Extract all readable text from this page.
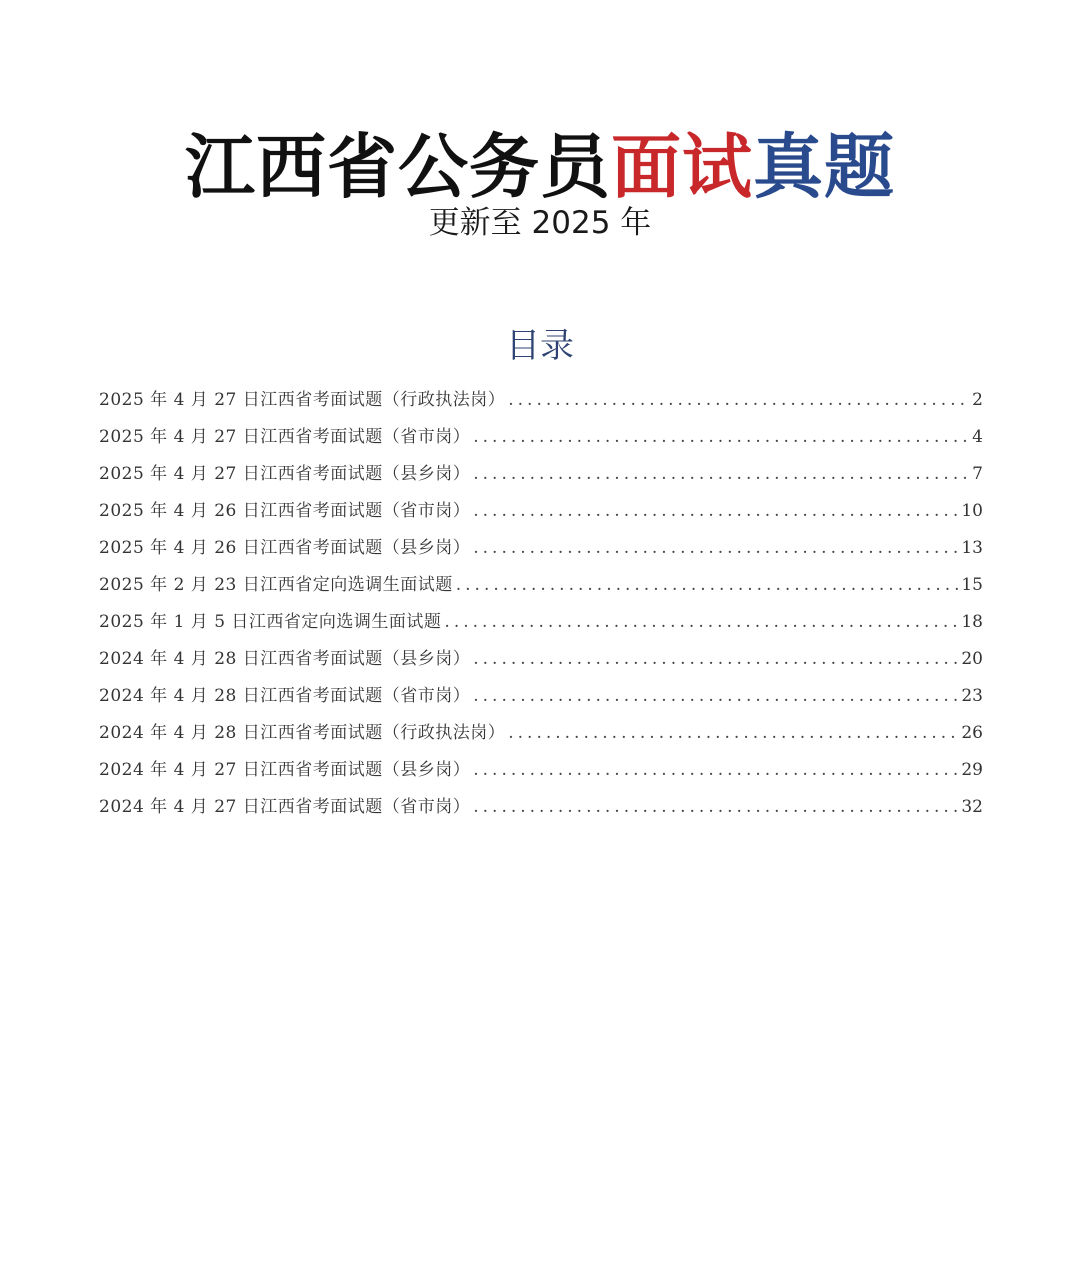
江西省公务员面试真题
更新至 2025 年
目录
2025 年 4 月 27 日江西省考面试题（行政执法岗） .....	2
2025 年 4 月 27 日江西省考面试题（省市岗） .....	4
2025 年 4 月 27 日江西省考面试题（县乡岗） .....	7
2025 年 4 月 26 日江西省考面试题（省市岗） .....	10
2025 年 4 月 26 日江西省考面试题（县乡岗） .....	13
2025 年 2 月 23 日江西省定向选调生面试题 .....	15
2025 年 1 月 5 日江西省定向选调生面试题 .....	18
2024 年 4 月 28 日江西省考面试题（县乡岗） .....	20
2024 年 4 月 28 日江西省考面试题（省市岗） .....	23
2024 年 4 月 28 日江西省考面试题（行政执法岗） .....	26
2024 年 4 月 27 日江西省考面试题（县乡岗） .....	29
2024 年 4 月 27 日江西省考面试题（省市岗） .....	32
